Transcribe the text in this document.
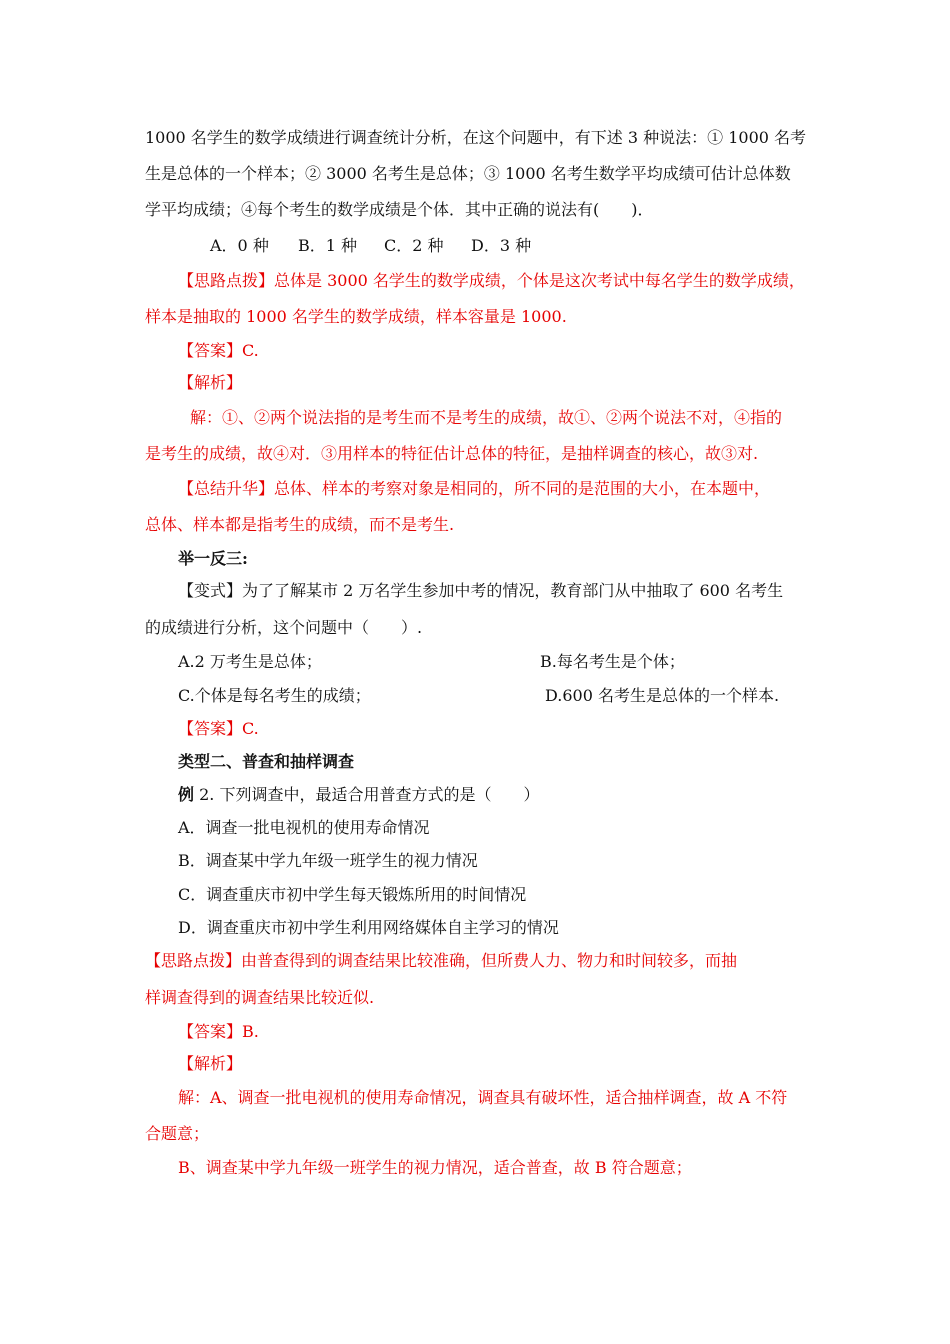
1000 名学生的数学成绩进行调查统计分析，在这个问题中，有下述 3 种说法：① 1000 名考
生是总体的一个样本；② 3000 名考生是总体；③ 1000 名考生数学平均成绩可估计总体数
学平均成绩；④每个考生的数学成绩是个体．其中正确的说法有(　　)．
A．0 种 B．1 种 C．2 种 D．3 种
【思路点拨】总体是 3000 名学生的数学成绩，个体是这次考试中每名学生的数学成绩，
样本是抽取的 1000 名学生的数学成绩，样本容量是 1000.
【答案】C.
【解析】
解：①、②两个说法指的是考生而不是考生的成绩，故①、②两个说法不对，④指的
是考生的成绩，故④对．③用样本的特征估计总体的特征，是抽样调查的核心，故③对.
【总结升华】总体、样本的考察对象是相同的，所不同的是范围的大小，在本题中，
总体、样本都是指考生的成绩，而不是考生.
举一反三:
【变式】为了了解某市 2 万名学生参加中考的情况，教育部门从中抽取了 600 名考生
的成绩进行分析，这个问题中（　　）.
A.2 万考生是总体；	B.每名考生是个体；
C.个体是每名考生的成绩；	D.600 名考生是总体的一个样本.
【答案】C.
类型二、普查和抽样调查
例 2. 下列调查中，最适合用普查方式的是（　　）
A．调查一批电视机的使用寿命情况
B．调查某中学九年级一班学生的视力情况
C．调查重庆市初中学生每天锻炼所用的时间情况
D．调查重庆市初中学生利用网络媒体自主学习的情况
【思路点拨】由普查得到的调查结果比较准确，但所费人力、物力和时间较多，而抽
样调查得到的调查结果比较近似.
【答案】B.
【解析】
解：A、调查一批电视机的使用寿命情况，调查具有破坏性，适合抽样调查，故 A 不符
合题意；
B、调查某中学九年级一班学生的视力情况，适合普查，故 B 符合题意；
